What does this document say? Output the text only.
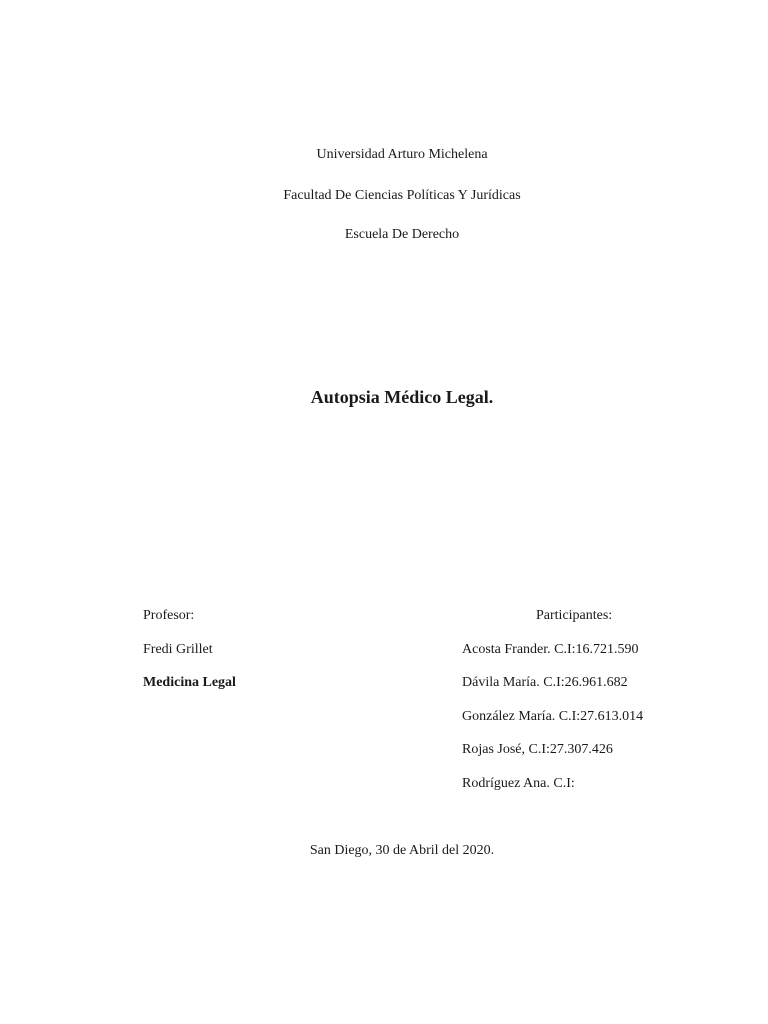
Universidad Arturo Michelena
Facultad De Ciencias Políticas Y Jurídicas
Escuela De Derecho
Autopsia Médico Legal.
Profesor:
Fredi Grillet
Medicina Legal
Participantes:
Acosta Frander. C.I:16.721.590
Dávila María. C.I:26.961.682
González María. C.I:27.613.014
Rojas José, C.I:27.307.426
Rodríguez Ana. C.I:
San Diego, 30 de Abril del 2020.
